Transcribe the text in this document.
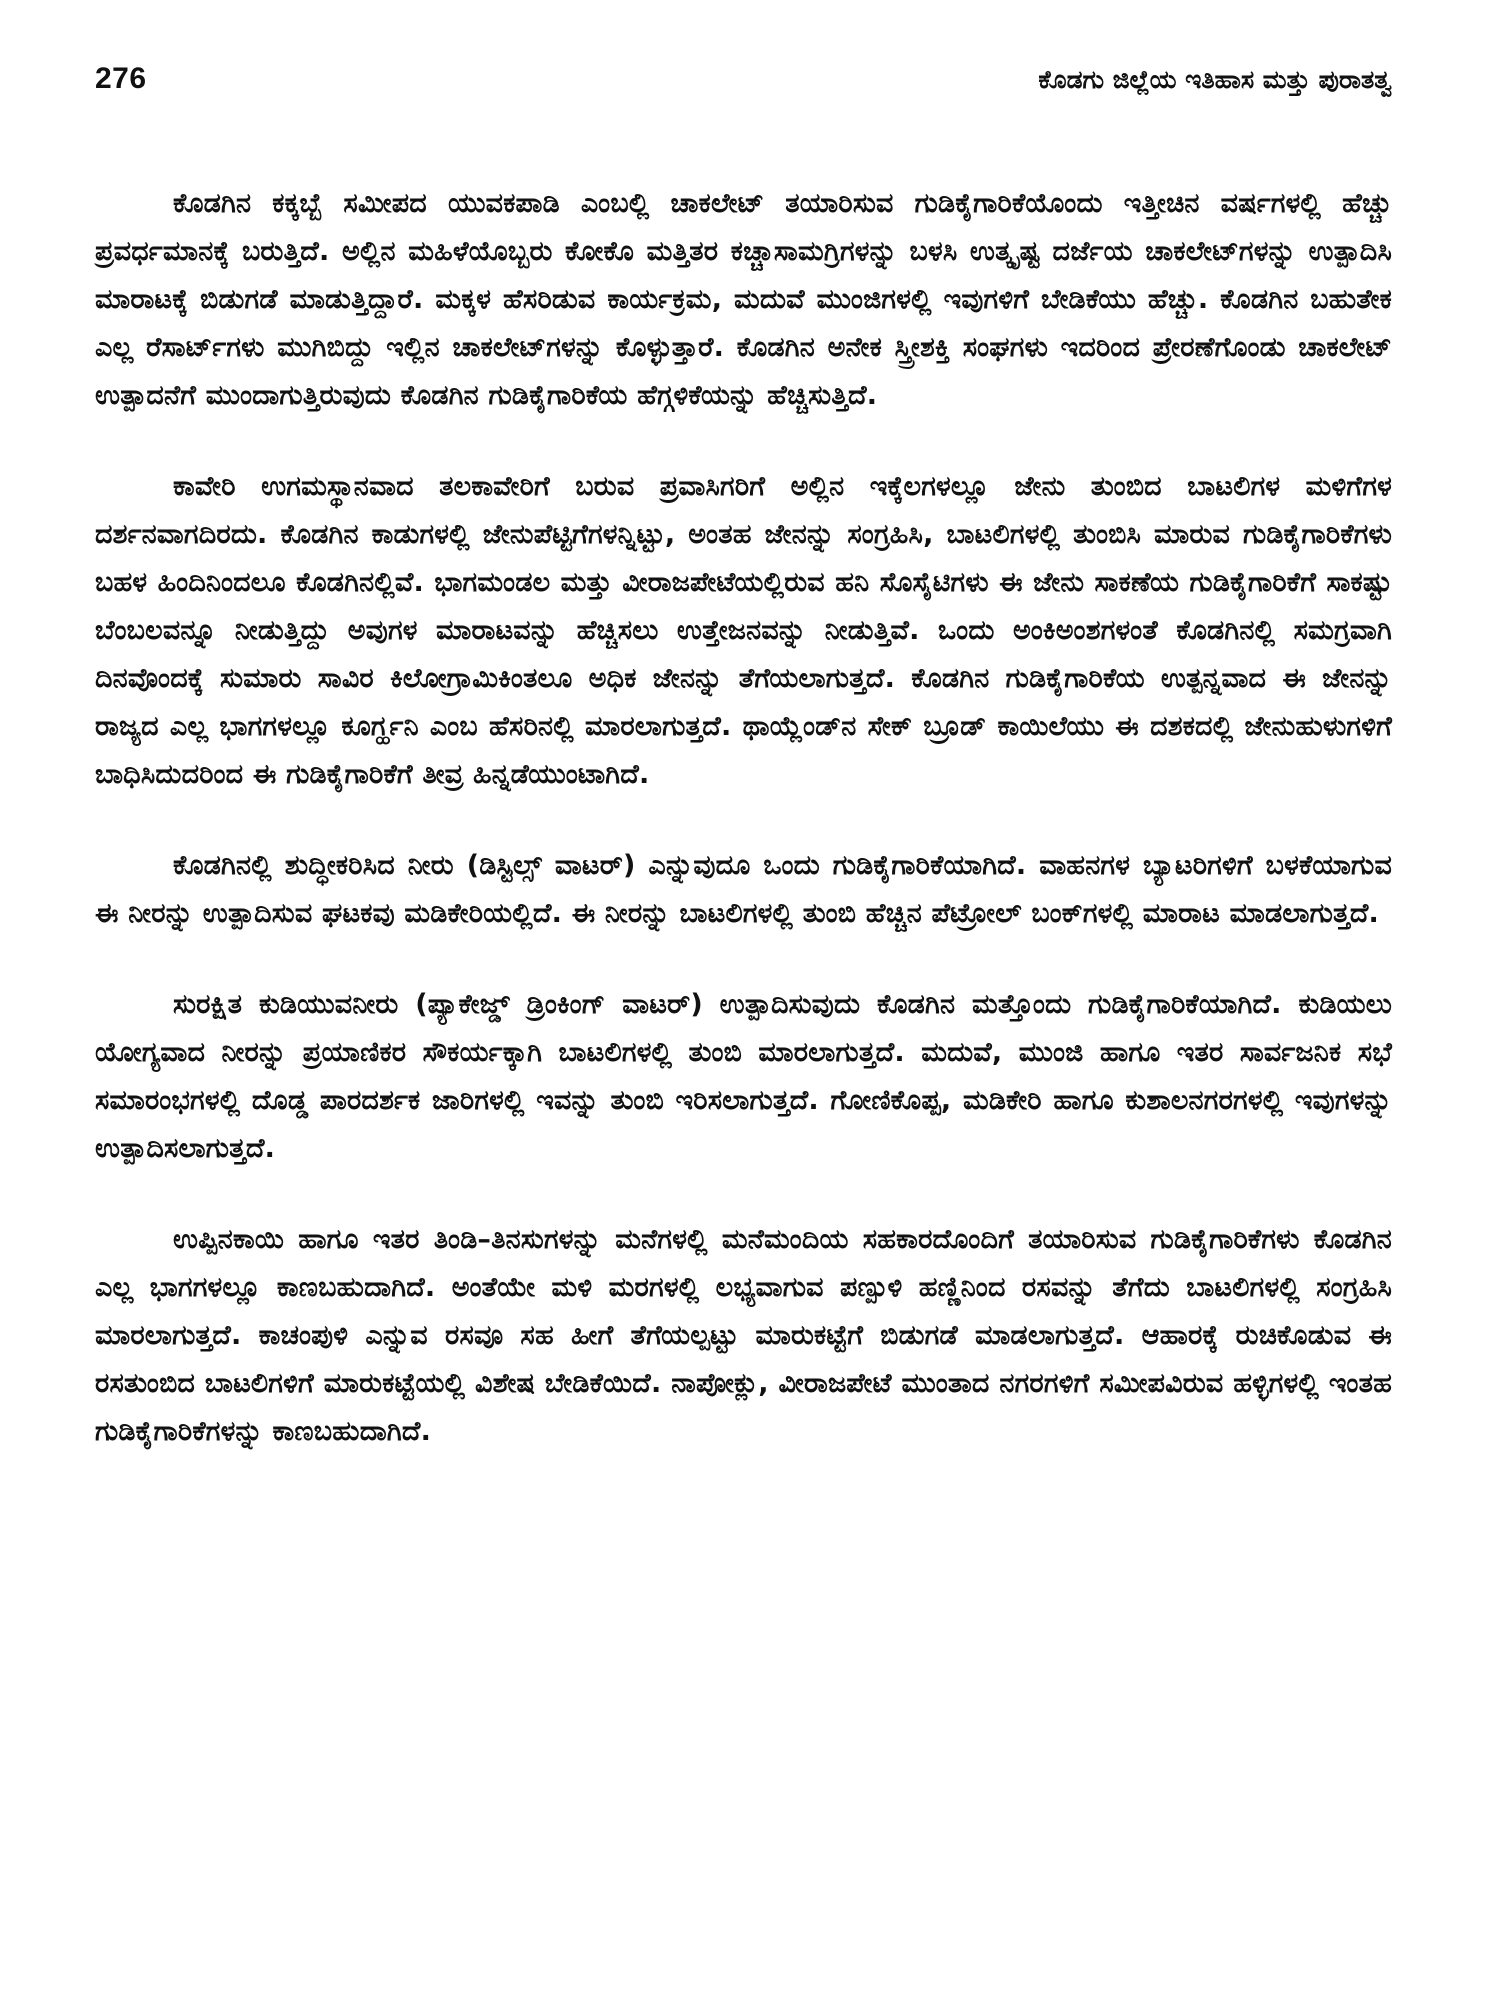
276	ಕೊಡಗು ಜಿಲ್ಲೆಯ ಇತಿಹಾಸ ಮತ್ತು ಪುರಾತತ್ವ

ಕೊಡಗಿನ ಕಕ್ಕಬ್ಬೆ ಸಮೀಪದ ಯುವಕಪಾಡಿ ಎಂಬಲ್ಲಿ ಚಾಕಲೇಟ್ ತಯಾರಿಸುವ ಗುಡಿಕೈಗಾರಿಕೆಯೊಂದು ಇತ್ತೀಚಿನ ವರ್ಷಗಳಲ್ಲಿ ಹೆಚ್ಚು ಪ್ರವರ್ಧಮಾನಕ್ಕೆ ಬರುತ್ತಿದೆ. ಅಲ್ಲಿನ ಮಹಿಳೆಯೊಬ್ಬರು ಕೋಕೊ ಮತ್ತಿತರ ಕಚ್ಚಾಸಾಮಗ್ರಿಗಳನ್ನು ಬಳಸಿ ಉತ್ಕೃಷ್ಟ ದರ್ಜೆಯ ಚಾಕಲೇಟ್‌ಗಳನ್ನು ಉತ್ಪಾದಿಸಿ ಮಾರಾಟಕ್ಕೆ ಬಿಡುಗಡೆ ಮಾಡುತ್ತಿದ್ದಾರೆ. ಮಕ್ಕಳ ಹೆಸರಿಡುವ ಕಾರ್ಯಕ್ರಮ, ಮದುವೆ ಮುಂಜಿಗಳಲ್ಲಿ ಇವುಗಳಿಗೆ ಬೇಡಿಕೆಯು ಹೆಚ್ಚು. ಕೊಡಗಿನ ಬಹುತೇಕ ಎಲ್ಲ ರೆಸಾರ್ಟ್‌ಗಳು ಮುಗಿಬಿದ್ದು ಇಲ್ಲಿನ ಚಾಕಲೇಟ್‌ಗಳನ್ನು ಕೊಳ್ಳುತ್ತಾರೆ. ಕೊಡಗಿನ ಅನೇಕ ಸ್ತ್ರೀಶಕ್ತಿ ಸಂಘಗಳು ಇದರಿಂದ ಪ್ರೇರಣೆಗೊಂಡು ಚಾಕಲೇಟ್ ಉತ್ಪಾದನೆಗೆ ಮುಂದಾಗುತ್ತಿರುವುದು ಕೊಡಗಿನ ಗುಡಿಕೈಗಾರಿಕೆಯ ಹೆಗ್ಗಳಿಕೆಯನ್ನು ಹೆಚ್ಚಿಸುತ್ತಿದೆ.

ಕಾವೇರಿ ಉಗಮಸ್ಥಾನವಾದ ತಲಕಾವೇರಿಗೆ ಬರುವ ಪ್ರವಾಸಿಗರಿಗೆ ಅಲ್ಲಿನ ಇಕ್ಕೆಲಗಳಲ್ಲೂ ಜೇನು ತುಂಬಿದ ಬಾಟಲಿಗಳ ಮಳಿಗೆಗಳ ದರ್ಶನವಾಗದಿರದು. ಕೊಡಗಿನ ಕಾಡುಗಳಲ್ಲಿ ಜೇನುಪೆಟ್ಟಿಗೆಗಳನ್ನಿಟ್ಟು, ಅಂತಹ ಜೇನನ್ನು ಸಂಗ್ರಹಿಸಿ, ಬಾಟಲಿಗಳಲ್ಲಿ ತುಂಬಿಸಿ ಮಾರುವ ಗುಡಿಕೈಗಾರಿಕೆಗಳು ಬಹಳ ಹಿಂದಿನಿಂದಲೂ ಕೊಡಗಿನಲ್ಲಿವೆ. ಭಾಗಮಂಡಲ ಮತ್ತು ವೀರಾಜಪೇಟೆಯಲ್ಲಿರುವ ಹನಿ ಸೊಸೈಟಿಗಳು ಈ ಜೇನು ಸಾಕಣೆಯ ಗುಡಿಕೈಗಾರಿಕೆಗೆ ಸಾಕಷ್ಟು ಬೆಂಬಲವನ್ನೂ ನೀಡುತ್ತಿದ್ದು ಅವುಗಳ ಮಾರಾಟವನ್ನು ಹೆಚ್ಚಿಸಲು ಉತ್ತೇಜನವನ್ನು ನೀಡುತ್ತಿವೆ. ಒಂದು ಅಂಕಿಅಂಶಗಳಂತೆ ಕೊಡಗಿನಲ್ಲಿ ಸಮಗ್ರವಾಗಿ ದಿನವೊಂದಕ್ಕೆ ಸುಮಾರು ಸಾವಿರ ಕಿಲೋಗ್ರಾಮಿಕಿಂತಲೂ ಅಧಿಕ ಜೇನನ್ನು ತೆಗೆಯಲಾಗುತ್ತದೆ. ಕೊಡಗಿನ ಗುಡಿಕೈಗಾರಿಕೆಯ ಉತ್ಪನ್ನವಾದ ಈ ಜೇನನ್ನು ರಾಜ್ಯದ ಎಲ್ಲ ಭಾಗಗಳಲ್ಲೂ ಕೂರ್ಗ್ಹನಿ ಎಂಬ ಹೆಸರಿನಲ್ಲಿ ಮಾರಲಾಗುತ್ತದೆ. ಥಾಯ್ಲೆಂಡ್‌ನ ಸೇಕ್ ಬ್ರೂಡ್ ಕಾಯಿಲೆಯು ಈ ದಶಕದಲ್ಲಿ ಜೇನುಹುಳುಗಳಿಗೆ ಬಾಧಿಸಿದುದರಿಂದ ಈ ಗುಡಿಕೈಗಾರಿಕೆಗೆ ತೀವ್ರ ಹಿನ್ನಡೆಯುಂಟಾಗಿದೆ.

ಕೊಡಗಿನಲ್ಲಿ ಶುದ್ಧೀಕರಿಸಿದ ನೀರು (ಡಿಸ್ಟಿಲ್ಸ್ ವಾಟರ್) ಎನ್ನುವುದೂ ಒಂದು ಗುಡಿಕೈಗಾರಿಕೆಯಾಗಿದೆ. ವಾಹನಗಳ ಬ್ಯಾಟರಿಗಳಿಗೆ ಬಳಕೆಯಾಗುವ ಈ ನೀರನ್ನು ಉತ್ಪಾದಿಸುವ ಘಟಕವು ಮಡಿಕೇರಿಯಲ್ಲಿದೆ. ಈ ನೀರನ್ನು ಬಾಟಲಿಗಳಲ್ಲಿ ತುಂಬಿ ಹೆಚ್ಚಿನ ಪೆಟ್ರೋಲ್ ಬಂಕ್‌ಗಳಲ್ಲಿ ಮಾರಾಟ ಮಾಡಲಾಗುತ್ತದೆ.

ಸುರಕ್ಷಿತ ಕುಡಿಯುವನೀರು (ಪ್ಯಾಕೇಜ್ಡ್ ಡ್ರಿಂಕಿಂಗ್ ವಾಟರ್) ಉತ್ಪಾದಿಸುವುದು ಕೊಡಗಿನ ಮತ್ತೊಂದು ಗುಡಿಕೈಗಾರಿಕೆಯಾಗಿದೆ. ಕುಡಿಯಲು ಯೋಗ್ಯವಾದ ನೀರನ್ನು ಪ್ರಯಾಣಿಕರ ಸೌಕರ್ಯಕ್ಕಾಗಿ ಬಾಟಲಿಗಳಲ್ಲಿ ತುಂಬಿ ಮಾರಲಾಗುತ್ತದೆ. ಮದುವೆ, ಮುಂಜಿ ಹಾಗೂ ಇತರ ಸಾರ್ವಜನಿಕ ಸಭೆ ಸಮಾರಂಭಗಳಲ್ಲಿ ದೊಡ್ಡ ಪಾರದರ್ಶಕ ಜಾರಿಗಳಲ್ಲಿ ಇವನ್ನು ತುಂಬಿ ಇರಿಸಲಾಗುತ್ತದೆ. ಗೋಣಿಕೊಪ್ಪ, ಮಡಿಕೇರಿ ಹಾಗೂ ಕುಶಾಲನಗರಗಳಲ್ಲಿ ಇವುಗಳನ್ನು ಉತ್ಪಾದಿಸಲಾಗುತ್ತದೆ.

ಉಪ್ಪಿನಕಾಯಿ ಹಾಗೂ ಇತರ ತಿಂಡಿ–ತಿನಸುಗಳನ್ನು ಮನೆಗಳಲ್ಲಿ ಮನೆಮಂದಿಯ ಸಹಕಾರದೊಂದಿಗೆ ತಯಾರಿಸುವ ಗುಡಿಕೈಗಾರಿಕೆಗಳು ಕೊಡಗಿನ ಎಲ್ಲ ಭಾಗಗಳಲ್ಲೂ ಕಾಣಬಹುದಾಗಿದೆ. ಅಂತೆಯೇ ಮಳಿ ಮರಗಳಲ್ಲಿ ಲಭ್ಯವಾಗುವ ಪಣ್ಪುಳಿ ಹಣ್ಣಿನಿಂದ ರಸವನ್ನು ತೆಗೆದು ಬಾಟಲಿಗಳಲ್ಲಿ ಸಂಗ್ರಹಿಸಿ ಮಾರಲಾಗುತ್ತದೆ. ಕಾಚಂಪುಳಿ ಎನ್ನುವ ರಸವೂ ಸಹ ಹೀಗೆ ತೆಗೆಯಲ್ಪಟ್ಟು ಮಾರುಕಟ್ಟೆಗೆ ಬಿಡುಗಡೆ ಮಾಡಲಾಗುತ್ತದೆ. ಆಹಾರಕ್ಕೆ ರುಚಿಕೊಡುವ ಈ ರಸತುಂಬಿದ ಬಾಟಲಿಗಳಿಗೆ ಮಾರುಕಟ್ಟೆಯಲ್ಲಿ ವಿಶೇಷ ಬೇಡಿಕೆಯಿದೆ. ನಾಪೋಕ್ಲು, ವೀರಾಜಪೇಟೆ ಮುಂತಾದ ನಗರಗಳಿಗೆ ಸಮೀಪವಿರುವ ಹಳ್ಳಿಗಳಲ್ಲಿ ಇಂತಹ ಗುಡಿಕೈಗಾರಿಕೆಗಳನ್ನು ಕಾಣಬಹುದಾಗಿದೆ.
